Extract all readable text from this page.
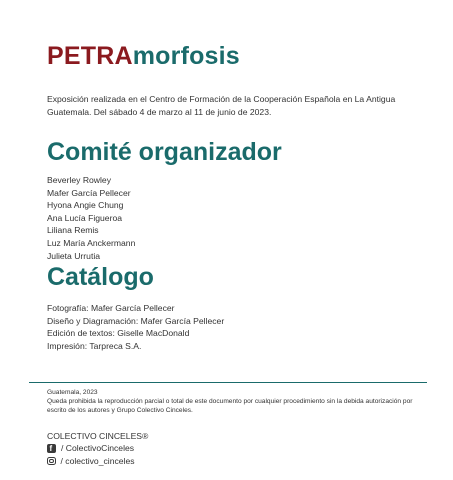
PETRAmorfosis
Exposición realizada en el Centro de Formación de la Cooperación Española en La Antigua Guatemala. Del sábado 4 de marzo al 11 de junio de 2023.
Comité organizador
Beverley Rowley
Mafer García Pellecer
Hyona Angie Chung
Ana Lucía Figueroa
Liliana Remis
Luz María Anckermann
Julieta Urrutia
Catálogo
Fotografía: Mafer García Pellecer
Diseño y Diagramación: Mafer García Pellecer
Edición de textos: Giselle MacDonald
Impresión: Tarpreca S.A.
Guatemala, 2023
Queda prohibida la reproducción parcial o total de este documento por cualquier procedimiento sin la debida autorización por escrito de los autores y Grupo Colectivo Cinceles.
COLECTIVO CINCELES®
f
/ ColectivoCinceles
/ colectivo_cinceles
